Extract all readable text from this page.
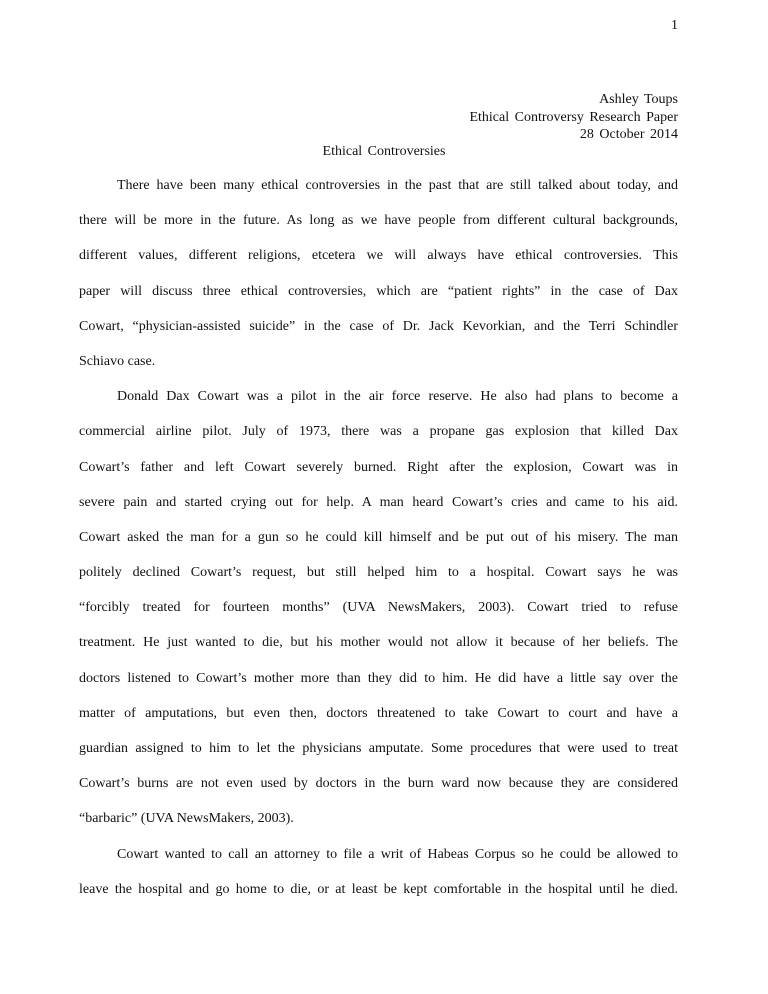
1
Ashley Toups
Ethical Controversy Research Paper
28 October 2014
Ethical Controversies
There have been many ethical controversies in the past that are still talked about today, and
there will be more in the future. As long as we have people from different cultural backgrounds,
different values, different religions, etcetera we will always have ethical controversies. This
paper will discuss three ethical controversies, which are “patient rights” in the case of Dax
Cowart, “physician-assisted suicide” in the case of Dr. Jack Kevorkian, and the Terri Schindler
Schiavo case.
Donald Dax Cowart was a pilot in the air force reserve. He also had plans to become a
commercial airline pilot. July of 1973, there was a propane gas explosion that killed Dax
Cowart’s father and left Cowart severely burned. Right after the explosion, Cowart was in
severe pain and started crying out for help. A man heard Cowart’s cries and came to his aid.
Cowart asked the man for a gun so he could kill himself and be put out of his misery. The man
politely declined Cowart’s request, but still helped him to a hospital. Cowart says he was
“forcibly treated for fourteen months” (UVA NewsMakers, 2003). Cowart tried to refuse
treatment. He just wanted to die, but his mother would not allow it because of her beliefs. The
doctors listened to Cowart’s mother more than they did to him. He did have a little say over the
matter of amputations, but even then, doctors threatened to take Cowart to court and have a
guardian assigned to him to let the physicians amputate. Some procedures that were used to treat
Cowart’s burns are not even used by doctors in the burn ward now because they are considered
“barbaric” (UVA NewsMakers, 2003).
Cowart wanted to call an attorney to file a writ of Habeas Corpus so he could be allowed to
leave the hospital and go home to die, or at least be kept comfortable in the hospital until he died.
